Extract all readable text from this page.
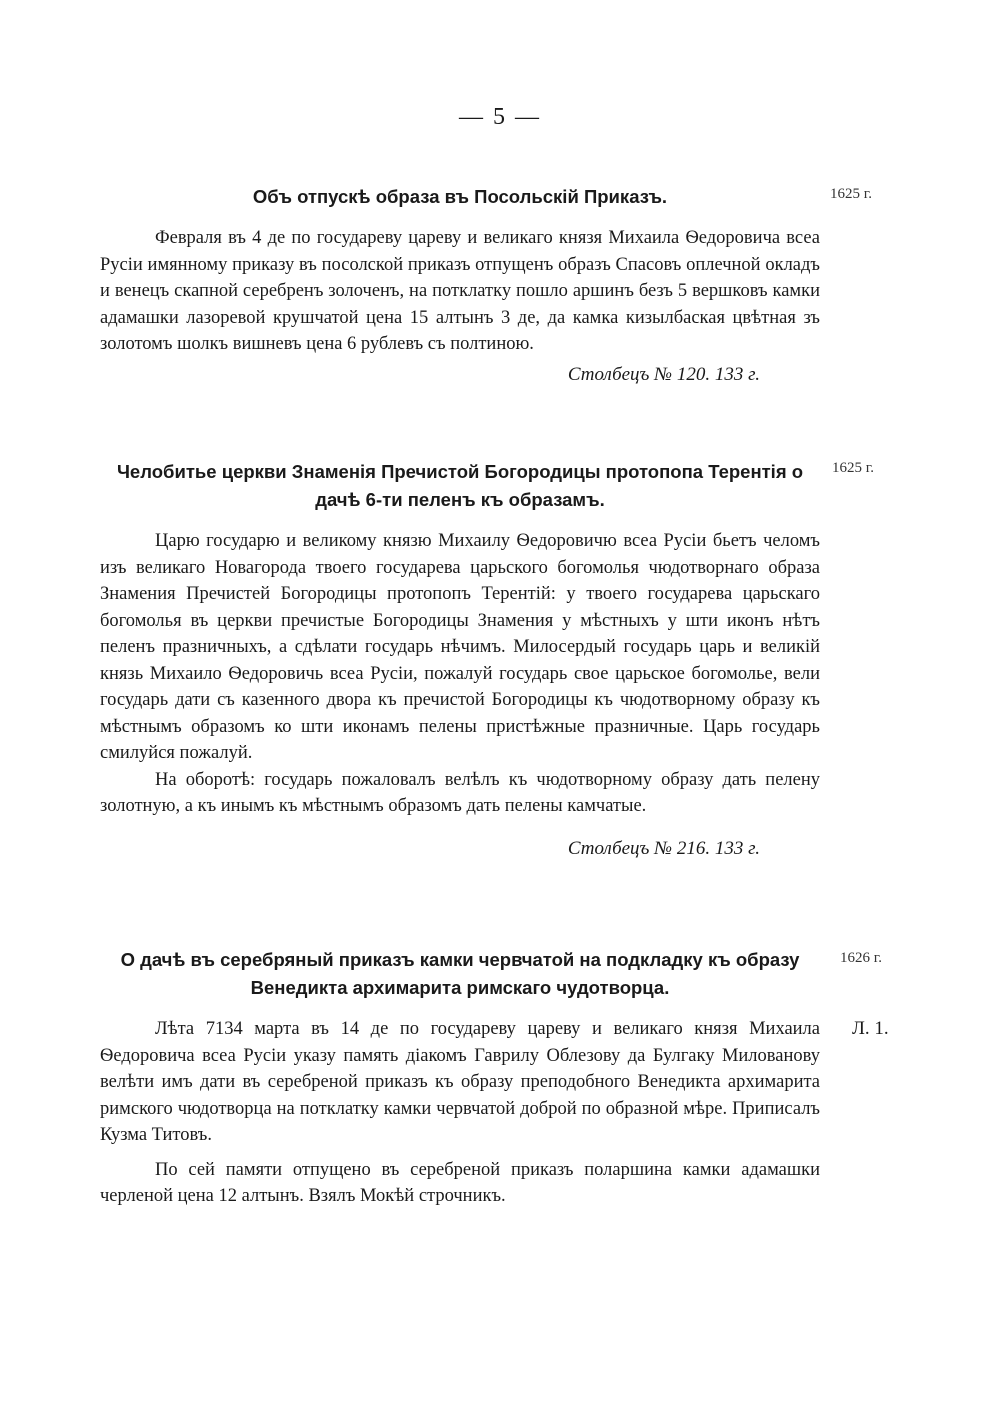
— 5 —
Объ отпускѣ образа въ Посольскій Приказъ.

Февраля въ 4 де по государеву цареву и великаго князя Михаила Ѳедоровича всеа Русіи имянному приказу въ посолской приказъ отпущенъ образъ Спасовъ оплечной окладъ и венецъ скапной серебренъ золоченъ, на потклатку пошло аршинъ безъ 5 вершковъ камки адамашки лазоревой крушчатой цена 15 алтынъ 3 де, да камка кизылбаская цвѣтная зъ золотомъ шолкъ вишневъ цена 6 рублевъ съ полтиною.

Столбецъ № 120. 133 г.

1625 г.
Челобитье церкви Знаменія Пречистой Богородицы протопопа Терентія о дачѣ 6-ти пеленъ къ образамъ.

Царю государю и великому князю Михаилу Ѳедоровичю всеа Русіи бьетъ челомъ изъ великаго Новагорода твоего государева царьского богомолья чюдотворнаго образа Знамения Пречистей Богородицы протопопъ Терентій: у твоего государева царьскаго богомолья въ церкви пречистые Богородицы Знамения у мѣстныхъ у шти иконъ нѣтъ пеленъ празничныхъ, а сдѣлати государь нѣчимъ. Милосердый государь царь и великій князь Михаило Ѳедоровичь всеа Русіи, пожалуй государь свое царьское богомолье, вели государь дати съ казенного двора къ пречистой Богородицы къ чюдотворному образу къ мѣстнымъ образомъ ко шти иконамъ пелены пристѣжные празничные. Царь государь смилуйся пожалуй.

На оборотѣ: государь пожаловалъ велѣлъ къ чюдотворному образу дать пелену золотную, а къ инымъ къ мѣстнымъ образомъ дать пелены камчатые.

Столбецъ № 216. 133 г.

1625 г.
О дачѣ въ серебряный приказъ камки червчатой на подкладку къ образу Венедикта архимарита римскаго чудотворца.

Лѣта 7134 марта въ 14 де по государеву цареву и великаго князя Михаила Ѳедоровича всеа Русіи указу память діакомъ Гаврилу Облезову да Булгаку Милованову велѣти имъ дати въ серебреной приказъ къ образу преподобного Венедикта архимарита римского чюдотворца на потклатку камки червчатой доброй по образной мѣре. Приписалъ Кузма Титовъ.

По сей памяти отпущено въ серебреной приказъ поларшина камки адамашки черленой цена 12 алтынъ. Взялъ Мокѣй строчникъ.

1626 г.
Л. 1.
